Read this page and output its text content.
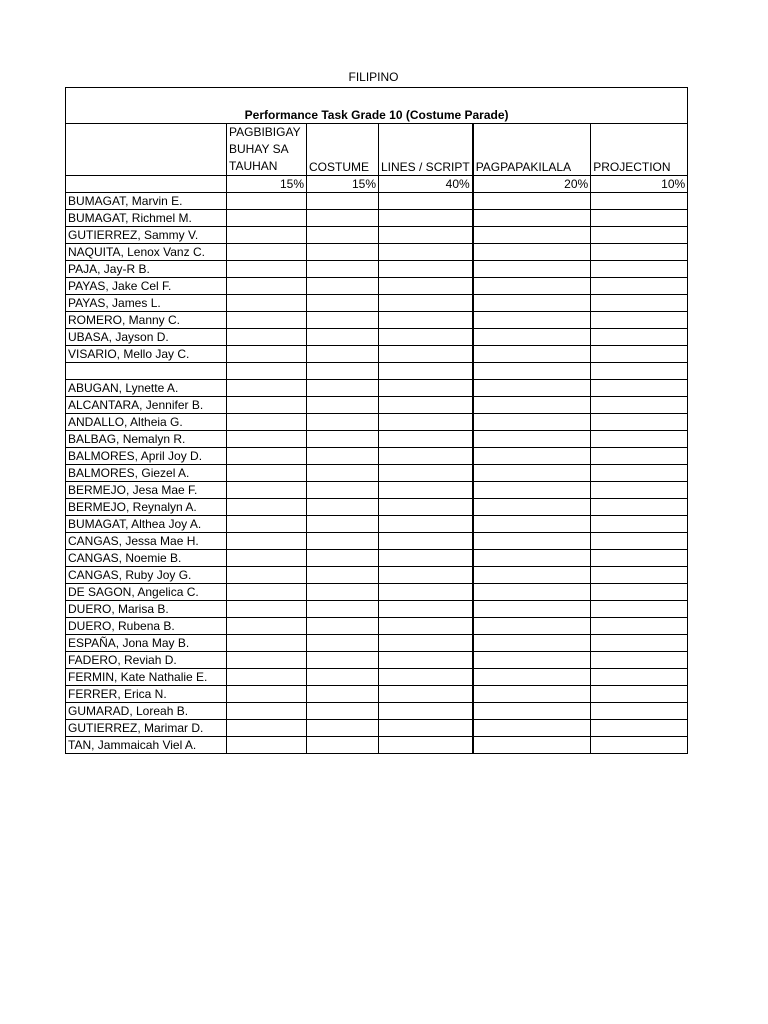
FILIPINO
Performance Task Grade 10 (Costume Parade)					
	PAGBIBIGAY BUHAY SA TAUHAN	COSTUME	LINES / SCRIPT	PAGPAPAKILALA	PROJECTION
	15%	15%	40%	20%	10%
BUMAGAT, Marvin E.					
BUMAGAT, Richmel M.					
GUTIERREZ, Sammy V.					
NAQUITA, Lenox Vanz C.					
PAJA, Jay-R B.					
PAYAS, Jake Cel F.					
PAYAS, James L.					
ROMERO, Manny C.					
UBASA, Jayson D.					
VISARIO, Mello Jay C.					

ABUGAN, Lynette A.					
ALCANTARA, Jennifer B.					
ANDALLO, Altheia G.					
BALBAG, Nemalyn R.					
BALMORES, April Joy D.					
BALMORES, Giezel A.					
BERMEJO, Jesa Mae F.					
BERMEJO, Reynalyn A.					
BUMAGAT, Althea Joy A.					
CANGAS, Jessa Mae H.					
CANGAS, Noemie B.					
CANGAS, Ruby Joy G.					
DE SAGON, Angelica C.					
DUERO, Marisa B.					
DUERO, Rubena B.					
ESPAÑA, Jona May B.					
FADERO, Reviah D.					
FERMIN, Kate Nathalie E.					
FERRER, Erica N.					
GUMARAD, Loreah B.					
GUTIERREZ, Marimar D.					
TAN, Jammaicah Viel A.					
